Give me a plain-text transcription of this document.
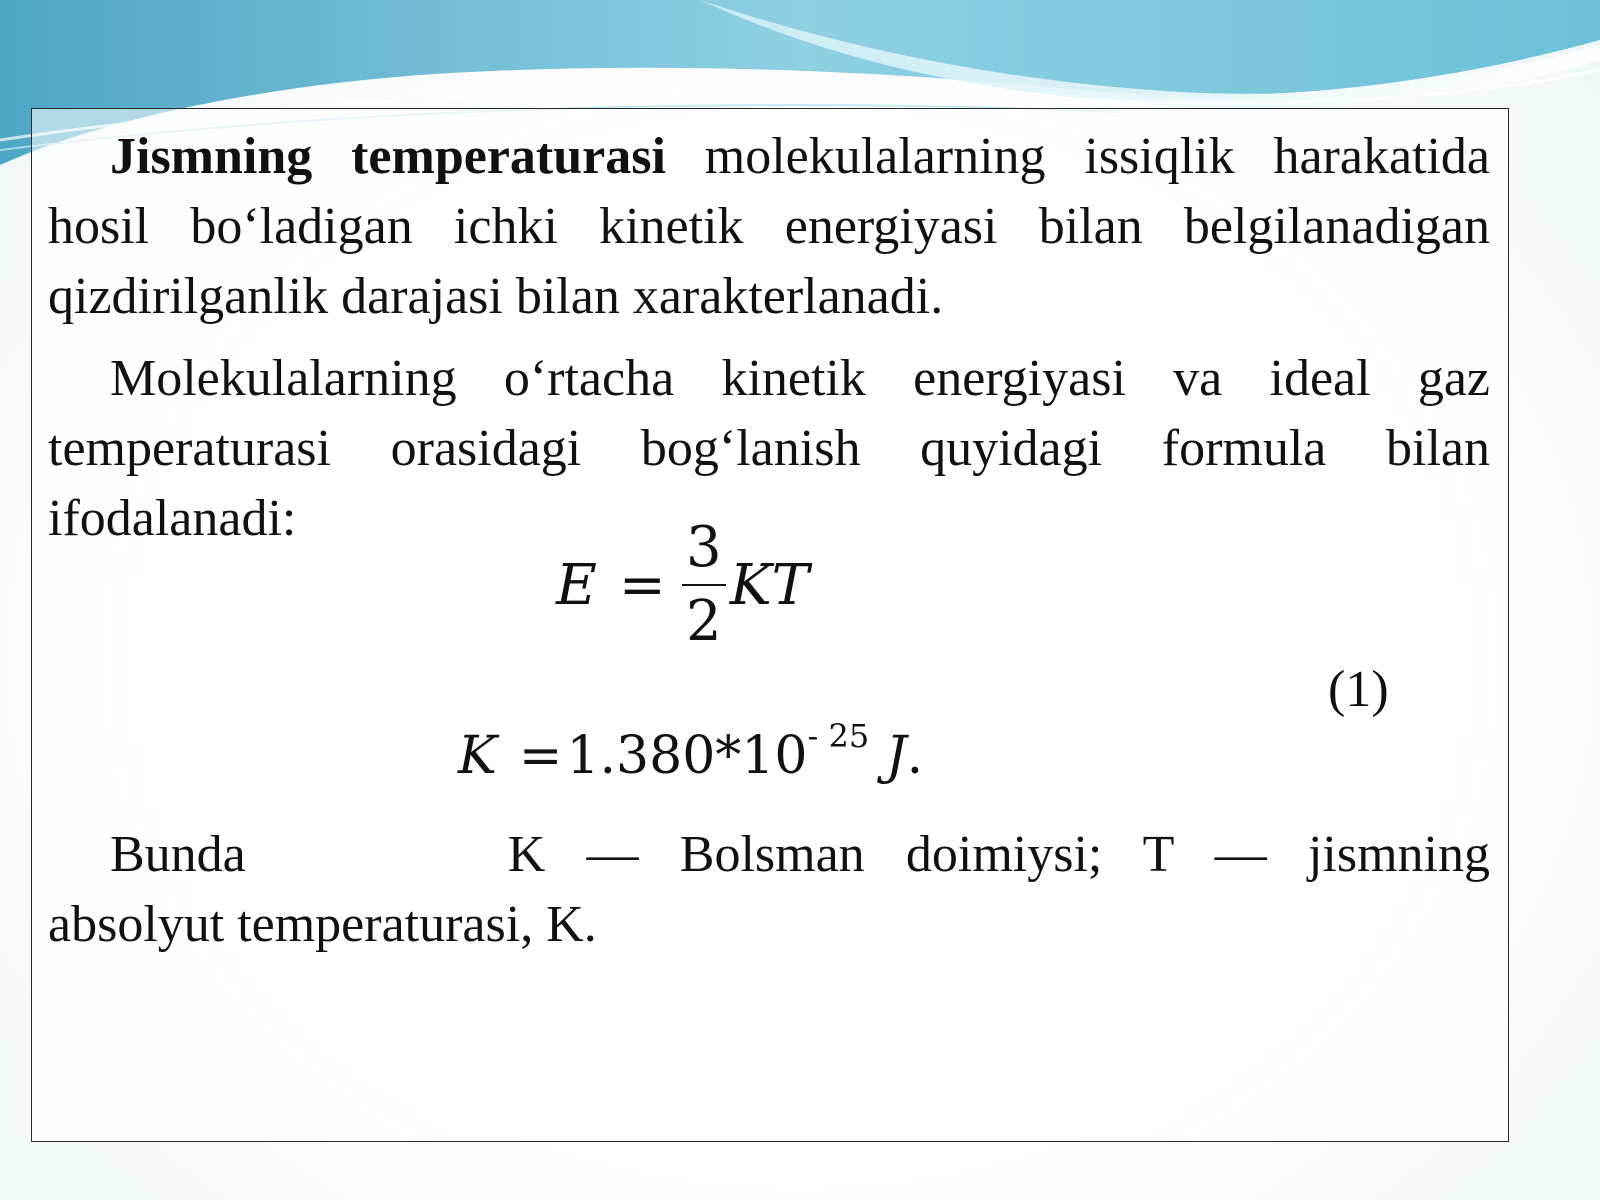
Jismning temperaturasi molekulalarning issiqlik harakatida hosil bo‘ladigan ichki kinetik energiyasi bilan belgilanadigan qizdirilganlik darajasi bilan xarakterlanadi.

Molekulalarning o‘rtacha kinetik energiyasi va ideal gaz temperaturasi orasidagi bog‘lanish quyidagi formula bilan ifodalanadi:

$E = \frac{3}{2}$ KT
(1)
$K =1.380*10^{- 25}$ J.

Bunda	K — Bolsman doimiysi; T — jismning absolyut temperaturasi, K.
